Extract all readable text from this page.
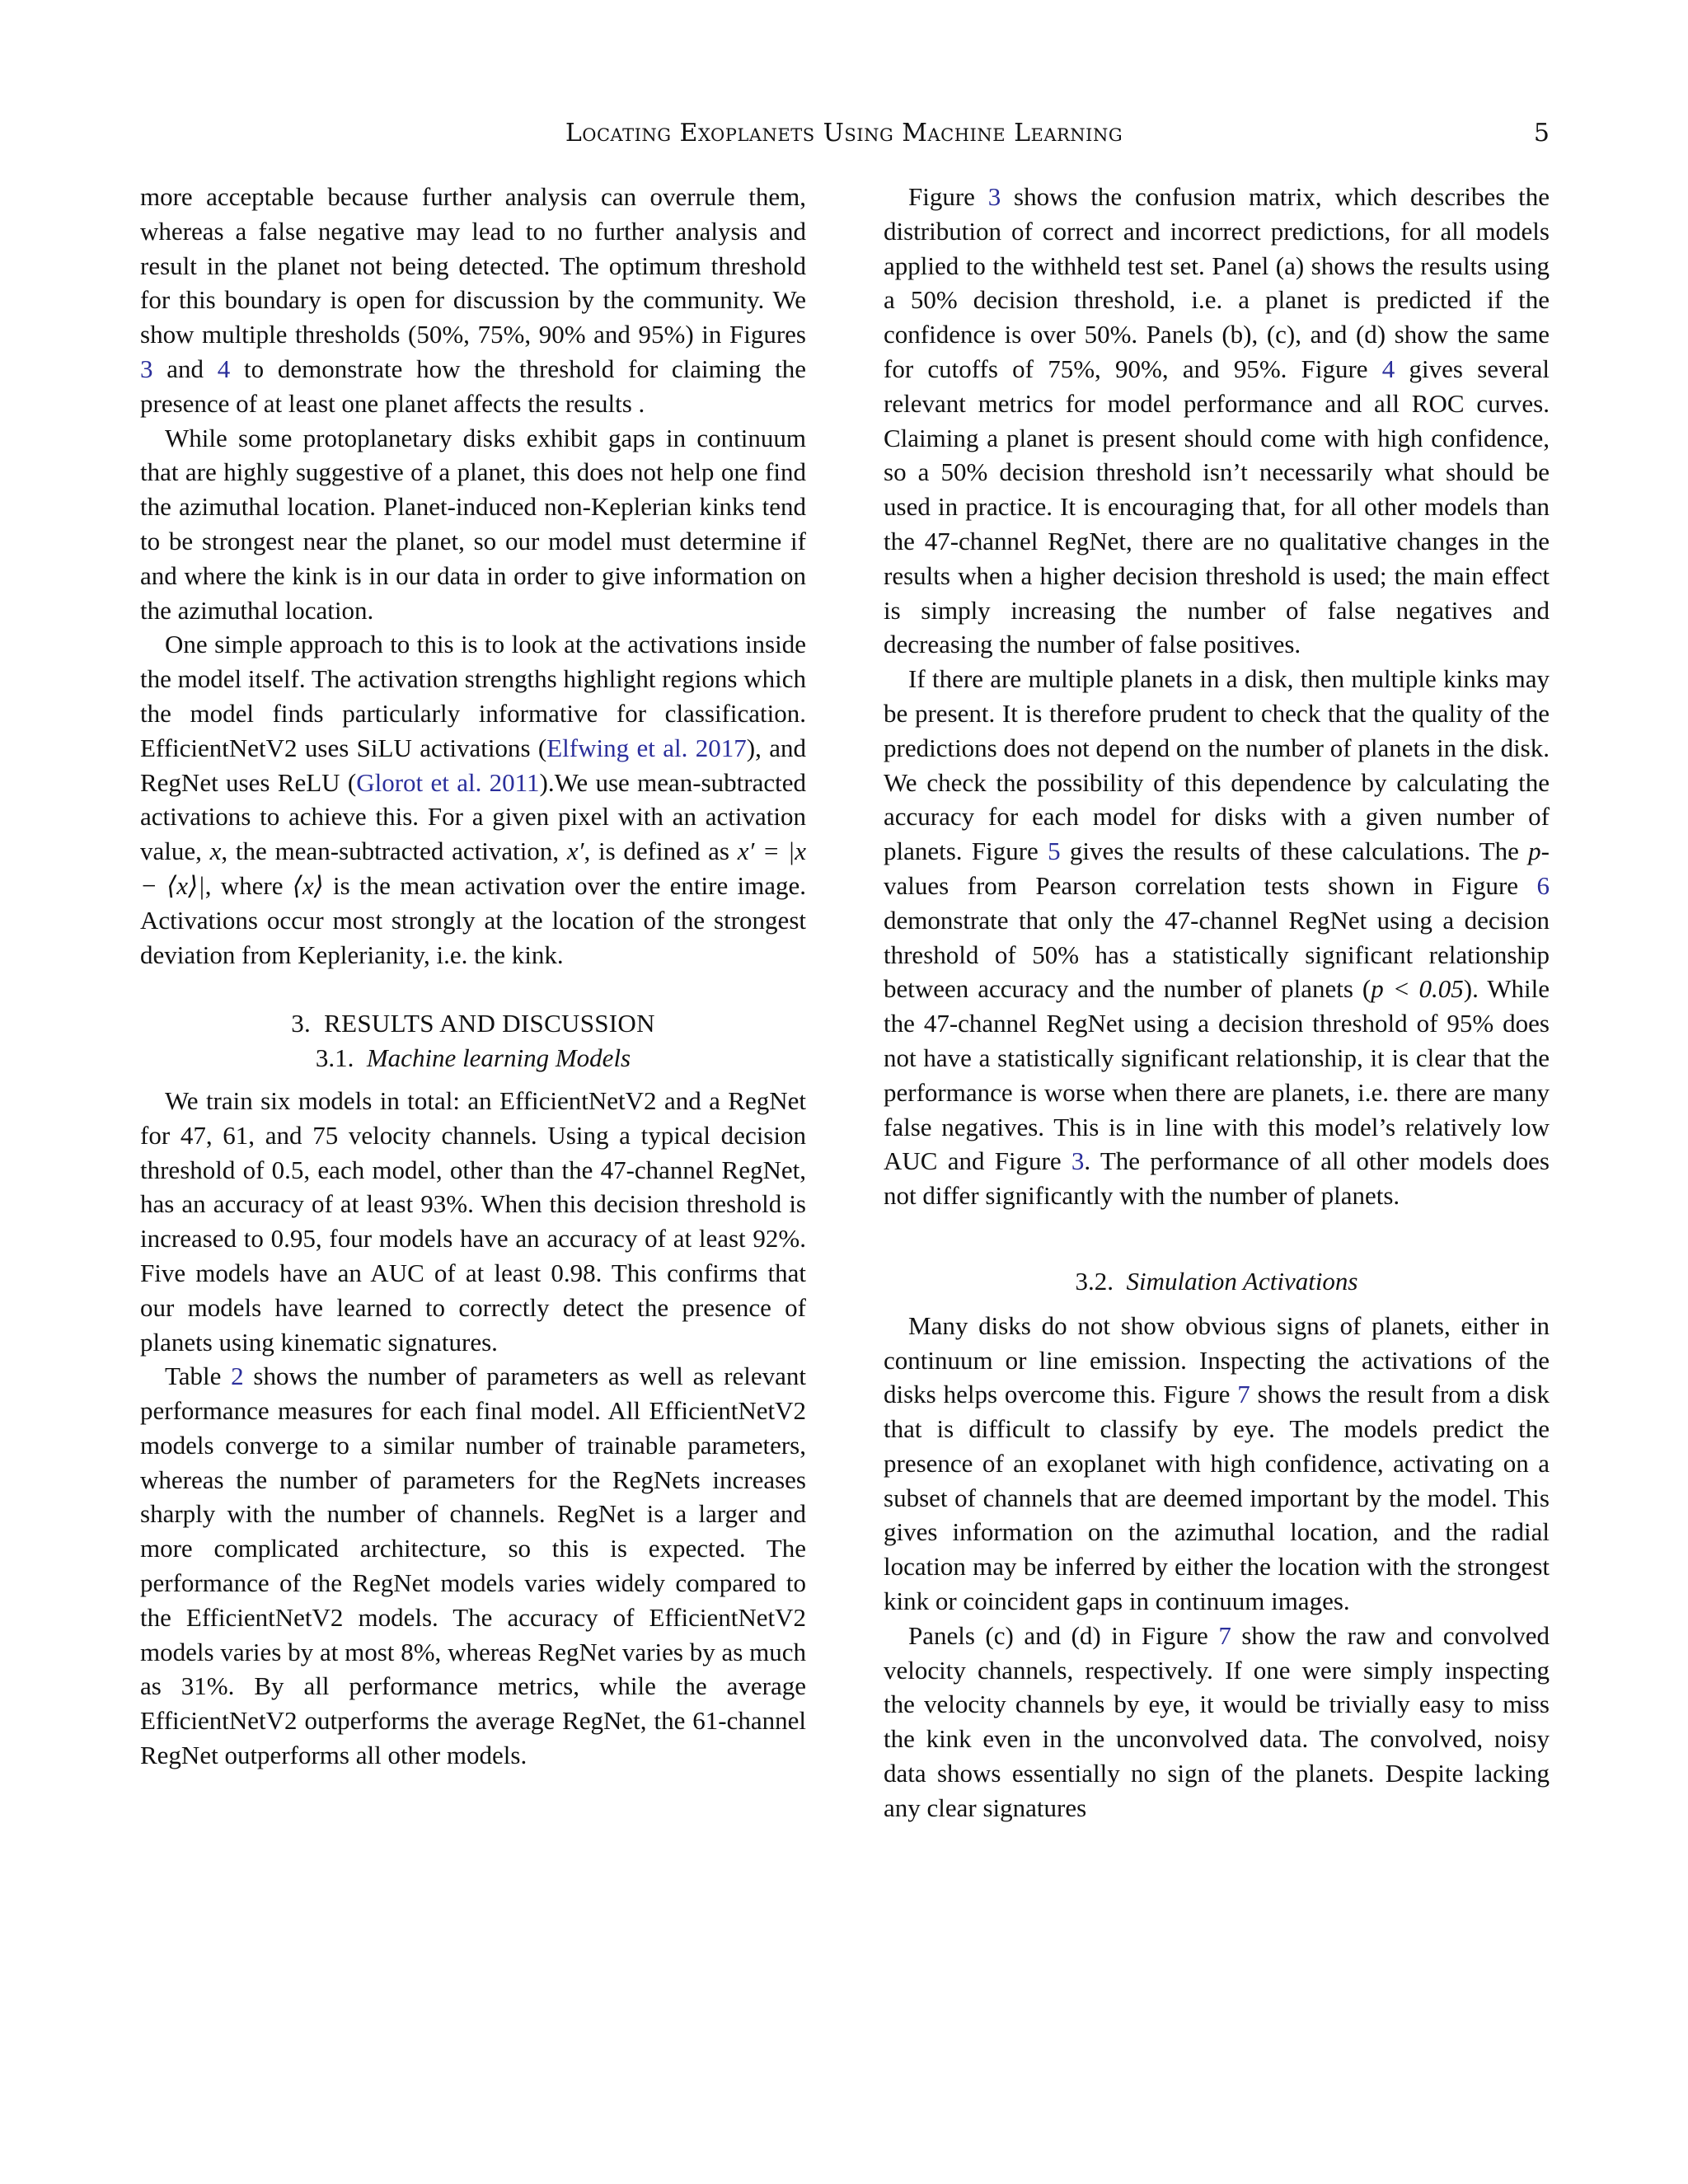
Locating Exoplanets Using Machine Learning	5

more acceptable because further analysis can overrule them, whereas a false negative may lead to no further analysis and result in the planet not being detected. The optimum threshold for this boundary is open for discussion by the community. We show multiple thresholds (50%, 75%, 90% and 95%) in Figures 3 and 4 to demonstrate how the threshold for claiming the presence of at least one planet affects the results .

While some protoplanetary disks exhibit gaps in continuum that are highly suggestive of a planet, this does not help one find the azimuthal location. Planet-induced non-Keplerian kinks tend to be strongest near the planet, so our model must determine if and where the kink is in our data in order to give information on the azimuthal location.

One simple approach to this is to look at the activations inside the model itself. The activation strengths highlight regions which the model finds particularly informative for classification. EfficientNetV2 uses SiLU activations (Elfwing et al. 2017), and RegNet uses ReLU (Glorot et al. 2011).We use mean-subtracted activations to achieve this. For a given pixel with an activation value, x, the mean-subtracted activation, x′, is defined as x′ = |x − ⟨x⟩|, where ⟨x⟩ is the mean activation over the entire image. Activations occur most strongly at the location of the strongest deviation from Keplerianity, i.e. the kink.

3. RESULTS AND DISCUSSION
3.1. Machine learning Models

We train six models in total: an EfficientNetV2 and a RegNet for 47, 61, and 75 velocity channels. Using a typical decision threshold of 0.5, each model, other than the 47-channel RegNet, has an accuracy of at least 93%. When this decision threshold is increased to 0.95, four models have an accuracy of at least 92%. Five models have an AUC of at least 0.98. This confirms that our models have learned to correctly detect the presence of planets using kinematic signatures.

Table 2 shows the number of parameters as well as relevant performance measures for each final model. All EfficientNetV2 models converge to a similar number of trainable parameters, whereas the number of parameters for the RegNets increases sharply with the number of channels. RegNet is a larger and more complicated architecture, so this is expected. The performance of the RegNet models varies widely compared to the EfficientNetV2 models. The accuracy of EfficientNetV2 models varies by at most 8%, whereas RegNet varies by as much as 31%. By all performance metrics, while the average EfficientNetV2 outperforms the average RegNet, the 61-channel RegNet outperforms all other models.

Figure 3 shows the confusion matrix, which describes the distribution of correct and incorrect predictions, for all models applied to the withheld test set. Panel (a) shows the results using a 50% decision threshold, i.e. a planet is predicted if the confidence is over 50%. Panels (b), (c), and (d) show the same for cutoffs of 75%, 90%, and 95%. Figure 4 gives several relevant metrics for model performance and all ROC curves. Claiming a planet is present should come with high confidence, so a 50% decision threshold isn’t necessarily what should be used in practice. It is encouraging that, for all other models than the 47-channel RegNet, there are no qualitative changes in the results when a higher decision threshold is used; the main effect is simply increasing the number of false negatives and decreasing the number of false positives.

If there are multiple planets in a disk, then multiple kinks may be present. It is therefore prudent to check that the quality of the predictions does not depend on the number of planets in the disk. We check the possibility of this dependence by calculating the accuracy for each model for disks with a given number of planets. Figure 5 gives the results of these calculations. The p-values from Pearson correlation tests shown in Figure 6 demonstrate that only the 47-channel RegNet using a decision threshold of 50% has a statistically significant relationship between accuracy and the number of planets (p < 0.05). While the 47-channel RegNet using a decision threshold of 95% does not have a statistically significant relationship, it is clear that the performance is worse when there are planets, i.e. there are many false negatives. This is in line with this model’s relatively low AUC and Figure 3. The performance of all other models does not differ significantly with the number of planets.

3.2. Simulation Activations

Many disks do not show obvious signs of planets, either in continuum or line emission. Inspecting the activations of the disks helps overcome this. Figure 7 shows the result from a disk that is difficult to classify by eye. The models predict the presence of an exoplanet with high confidence, activating on a subset of channels that are deemed important by the model. This gives information on the azimuthal location, and the radial location may be inferred by either the location with the strongest kink or coincident gaps in continuum images.

Panels (c) and (d) in Figure 7 show the raw and convolved velocity channels, respectively. If one were simply inspecting the velocity channels by eye, it would be trivially easy to miss the kink even in the unconvolved data. The convolved, noisy data shows essentially no sign of the planets. Despite lacking any clear signatures
